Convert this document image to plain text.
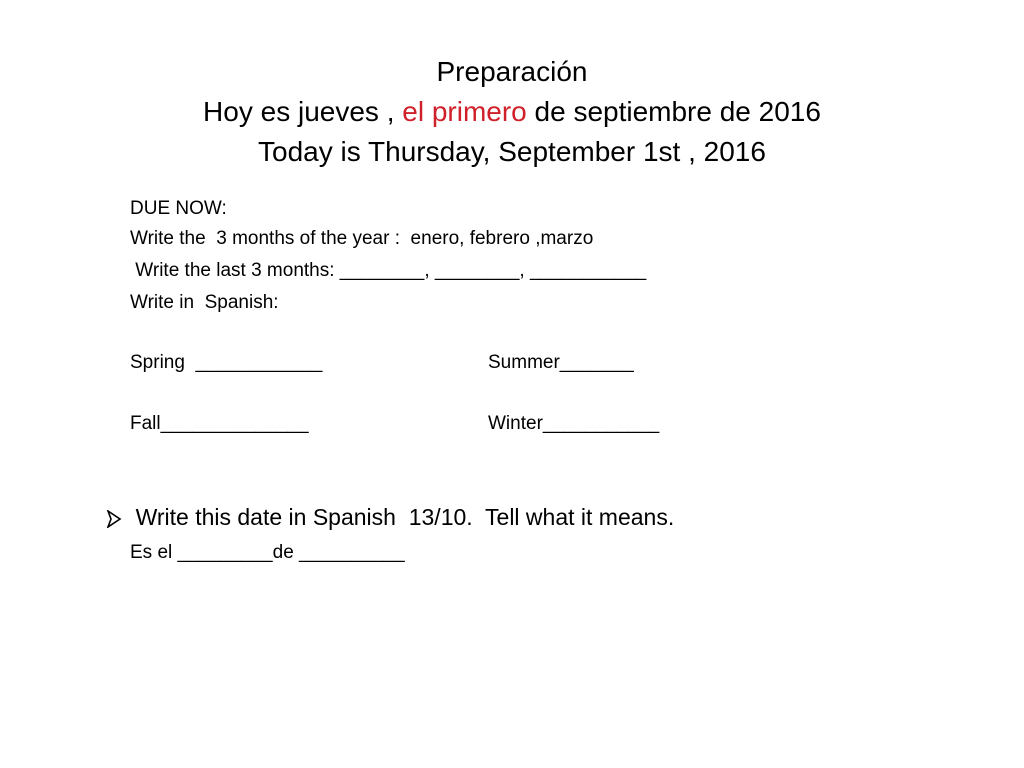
Preparación
Hoy es jueves , el primero de septiembre de 2016
Today is Thursday, September 1st , 2016
DUE NOW:
Write the  3 months of the year :  enero, febrero ,marzo
Write the last 3 months: ________, ________, ___________
Write in  Spanish:
Spring  ____________	Summer_______
Fall______________	Winter___________

Write this date in Spanish  13/10.  Tell what it means.

Es el _________de __________
